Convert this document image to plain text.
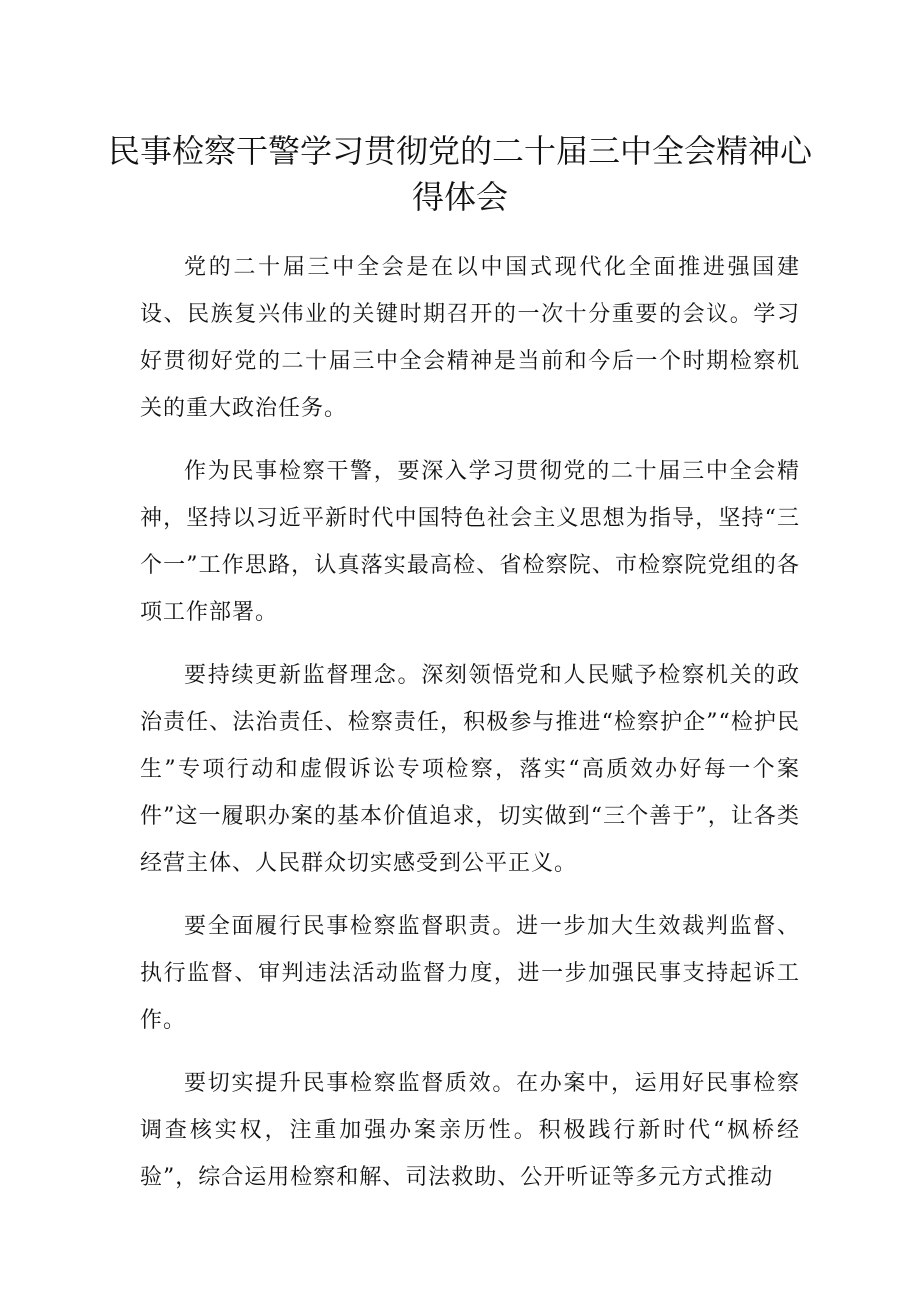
民事检察干警学习贯彻党的二十届三中全会精神心得体会

党的二十届三中全会是在以中国式现代化全面推进强国建设、民族复兴伟业的关键时期召开的一次十分重要的会议。学习好贯彻好党的二十届三中全会精神是当前和今后一个时期检察机关的重大政治任务。

作为民事检察干警，要深入学习贯彻党的二十届三中全会精神，坚持以习近平新时代中国特色社会主义思想为指导，坚持“三个一”工作思路，认真落实最高检、省检察院、市检察院党组的各项工作部署。

要持续更新监督理念。深刻领悟党和人民赋予检察机关的政治责任、法治责任、检察责任，积极参与推进“检察护企”“检护民生”专项行动和虚假诉讼专项检察，落实“高质效办好每一个案件”这一履职办案的基本价值追求，切实做到“三个善于”，让各类经营主体、人民群众切实感受到公平正义。

要全面履行民事检察监督职责。进一步加大生效裁判监督、执行监督、审判违法活动监督力度，进一步加强民事支持起诉工作。

要切实提升民事检察监督质效。在办案中，运用好民事检察调查核实权，注重加强办案亲历性。积极践行新时代“枫桥经验”，综合运用检察和解、司法救助、公开听证等多元方式推动
